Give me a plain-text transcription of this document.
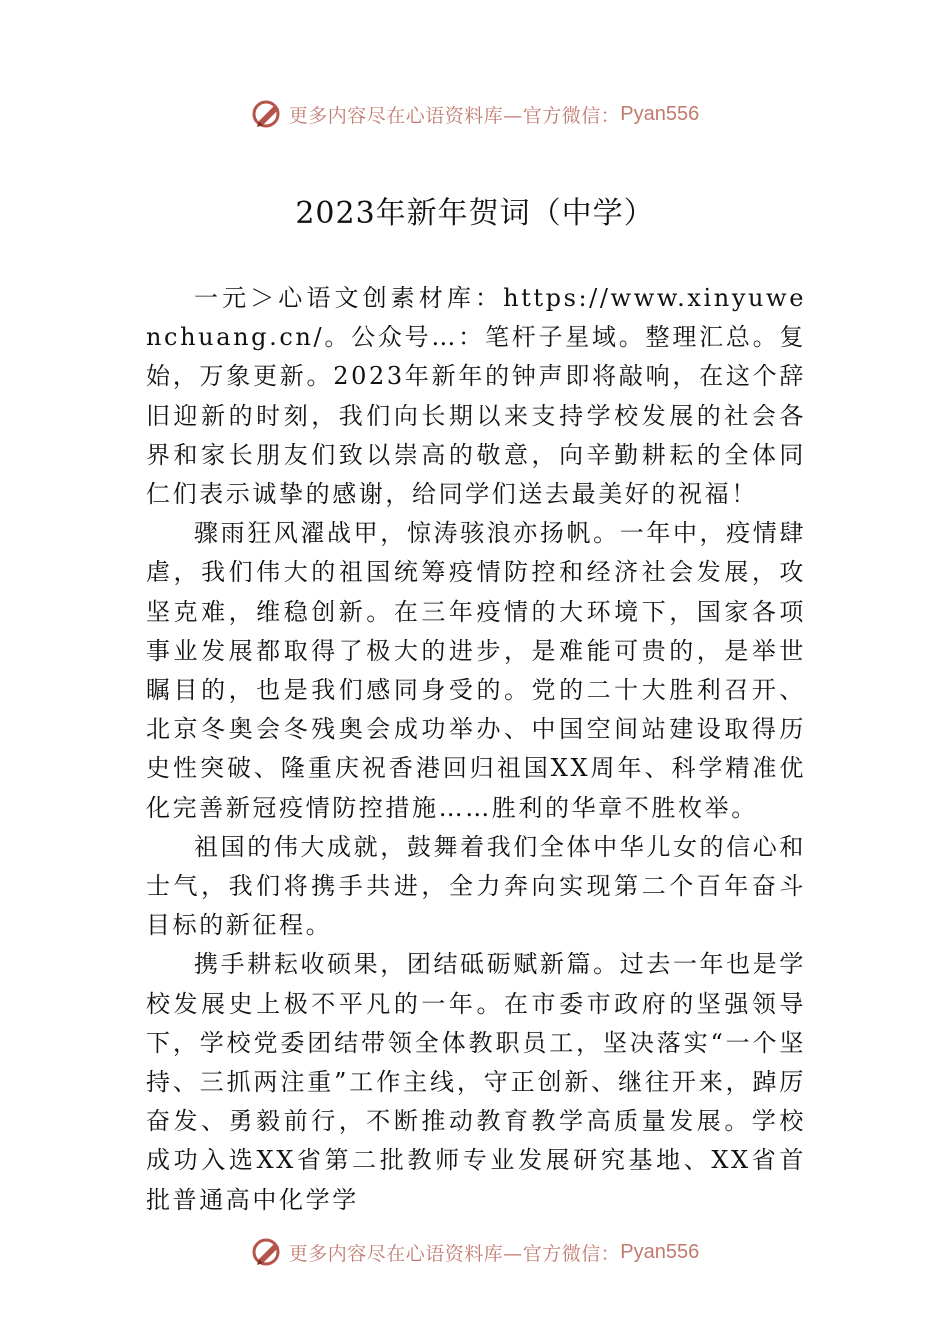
更多内容尽在心语资料库—官方微信： Pyan556
2023年新年贺词（中学）

一元＞心语文创素材库：https://www.xinyuwenchuang.cn/。公众号…：笔杆子星域。整理汇总。复始，万象更新。2023年新年的钟声即将敲响，在这个辞旧迎新的时刻，我们向长期以来支持学校发展的社会各界和家长朋友们致以崇高的敬意，向辛勤耕耘的全体同仁们表示诚挚的感谢，给同学们送去最美好的祝福！

骤雨狂风濯战甲，惊涛骇浪亦扬帆。一年中，疫情肆虐，我们伟大的祖国统筹疫情防控和经济社会发展，攻坚克难，维稳创新。在三年疫情的大环境下，国家各项事业发展都取得了极大的进步，是难能可贵的，是举世瞩目的，也是我们感同身受的。党的二十大胜利召开、北京冬奥会冬残奥会成功举办、中国空间站建设取得历史性突破、隆重庆祝香港回归祖国XX周年、科学精准优化完善新冠疫情防控措施……胜利的华章不胜枚举。

祖国的伟大成就，鼓舞着我们全体中华儿女的信心和士气，我们将携手共进，全力奔向实现第二个百年奋斗目标的新征程。

携手耕耘收硕果，团结砥砺赋新篇。过去一年也是学校发展史上极不平凡的一年。在市委市政府的坚强领导下，学校党委团结带领全体教职员工，坚决落实“一个坚持、三抓两注重”工作主线，守正创新、继往开来，踔厉奋发、勇毅前行，不断推动教育教学高质量发展。学校成功入选XX省第二批教师专业发展研究基地、XX省首批普通高中化学学

更多内容尽在心语资料库—官方微信： Pyan556
